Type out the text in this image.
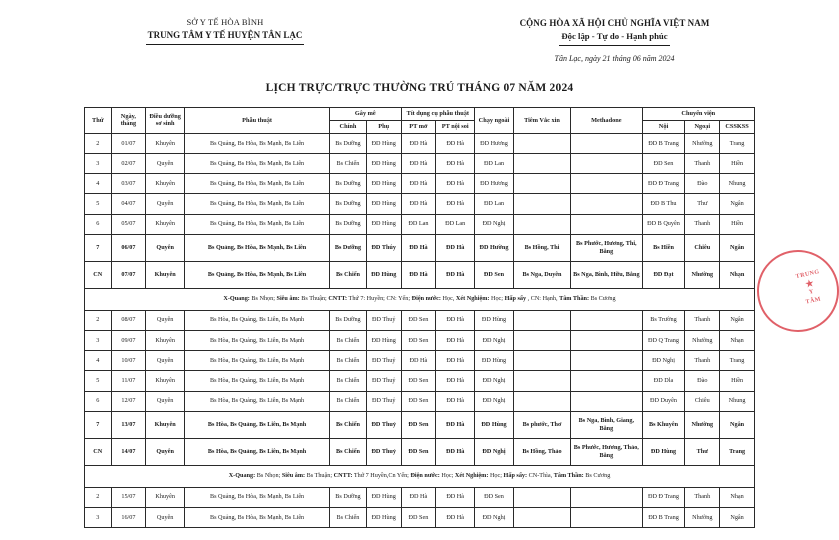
SỞ Y TẾ HÒA BÌNH
TRUNG TÂM Y TẾ HUYỆN TÂN LẠC
CỘNG HÒA XÃ HỘI CHỦ NGHĨA VIỆT NAM
Độc lập - Tự do - Hạnh phúc
Tân Lạc, ngày 21 tháng 06 năm 2024
LỊCH TRỰC/TRỰC THƯỜNG TRÚ THÁNG 07 NĂM 2024
Thứ	Ngày, tháng	Điều dưỡng sơ sinh	Phẫu thuật	Gây mê		Tít dụng cụ phẫu thuật		Chạy ngoài	Tiêm Vắc xin	Methadone	Chuyển viện		
				Chính	Phụ	PT mở	PT nội soi				Nội	Ngoại	CSSKSS
2	01/07	Khuyên	Bs Quảng, Bs Hòa, Bs Mạnh, Bs Liên	Bs Dưỡng	ĐD Hùng	ĐD Hà	ĐD Hà	ĐD Hương			ĐD B Trang	Nhường	Trang
3	02/07	Quyên	Bs Quảng, Bs Hòa, Bs Mạnh, Bs Liên	Bs Chiến	ĐD Hùng	ĐD Hà	ĐD Hà	ĐD Lan			ĐD Sen	Thanh	Hiền
4	03/07	Khuyên	Bs Quảng, Bs Hòa, Bs Mạnh, Bs Liên	Bs Dưỡng	ĐD Hùng	ĐD Hà	ĐD Hà	ĐD Hương			ĐD Đ Trang	Đào	Nhung
5	04/07	Quyên	Bs Quảng, Bs Hòa, Bs Mạnh, Bs Liên	Bs Dưỡng	ĐD Hùng	ĐD Hà	ĐD Hà	ĐD Lan			ĐD B Thu	Thư	Ngân
6	05/07	Khuyên	Bs Quảng, Bs Hòa, Bs Mạnh, Bs Liên	Bs Dưỡng	ĐD Hùng	ĐD Lan	ĐD Lan	ĐD Nghị			ĐD B Quyên	Thanh	Hiền
7	06/07	Quyên	Bs Quảng, Bs Hòa, Bs Mạnh, Bs Liên	Bs Dưỡng	ĐD Thúy	ĐD Hà	ĐD Hà	ĐD Hường	Bs Hồng, Thi	Bs Phước, Hương, Thi, Bằng	Bs Hiền	Chiêu	Ngân
CN	07/07	Khuyên	Bs Quảng, Bs Hòa, Bs Mạnh, Bs Liên	Bs Chiến	ĐD Hùng	ĐD Hà	ĐD Hà	ĐD Sen	Bs Nga, Duyên	Bs Nga, Bình, Hữu, Bằng	ĐD Đạt	Nhường	Nhạn
X-Quang: Bs Nhọn; Siêu âm: Bs Thuận; CNTT: Thứ 7: Huyền; CN: Yến; Điện nước: Học, Xét Nghiệm: Học; Hấp sấy , CN: Hạnh, Tâm Thần: Bs Cương													
2	08/07	Quyên	Bs Hòa, Bs Quảng, Bs Liên, Bs Mạnh	Bs Dưỡng	ĐD Thuỷ	ĐD Sen	ĐD Hà	ĐD Hùng			Bs Trường	Thanh	Ngân
3	09/07	Khuyên	Bs Hòa, Bs Quảng, Bs Liên, Bs Mạnh	Bs Chiến	ĐD Hùng	ĐD Sen	ĐD Hà	ĐD Nghị			ĐD Q Trang	Nhường	Nhạn
4	10/07	Quyên	Bs Hòa, Bs Quảng, Bs Liên, Bs Mạnh	Bs Chiến	ĐD Thuỷ	ĐD Hà	ĐD Hà	ĐD Hùng			ĐD Nghị	Thanh	Trang
5	11/07	Khuyên	Bs Hòa, Bs Quảng, Bs Liên, Bs Mạnh	Bs Chiến	ĐD Thuỷ	ĐD Sen	ĐD Hà	ĐD Nghị			ĐD Dla	Đào	Hiền
6	12/07	Quyên	Bs Hòa, Bs Quảng, Bs Liên, Bs Mạnh	Bs Chiến	ĐD Thuỷ	ĐD Sen	ĐD Hà	ĐD Nghị			ĐD Duyên	Chiêu	Nhung
7	13/07	Khuyên	Bs Hòa, Bs Quảng, Bs Liên, Bs Mạnh	Bs Chiến	ĐD Thuỷ	ĐD Sen	ĐD Hà	ĐD Hùng	Bs phước, Thơ	Bs Nga, Bình, Giang, Bằng	Bs Khuyên	Nhường	Ngân
CN	14/07	Quyên	Bs Hòa, Bs Quảng, Bs Liên, Bs Mạnh	Bs Chiến	ĐD Thuỷ	ĐD Sen	ĐD Hà	ĐD Nghị	Bs Hồng, Thảo	Bs Phước, Hương, Thảo, Bằng	ĐD Hùng	Thư	Trang
X-Quang: Bs Nhọn; Siêu âm: Bs Thuận; CNTT: Thứ 7 Huyền,Cn Yến; Điện nước: Học; Xét Nghiệm: Học; Hấp sấy: CN-Thìa, Tâm Thần: Bs Cương													
2	15/07	Khuyên	Bs Quảng, Bs Hòa, Bs Mạnh, Bs Liên	Bs Dưỡng	ĐD Hùng	ĐD Hà	ĐD Hà	ĐD Sen			ĐD Đ Trang	Thanh	Nhạn
3	16/07	Quyên	Bs Quảng, Bs Hòa, Bs Mạnh, Bs Liên	Bs Chiến	ĐD Hùng	ĐD Sen	ĐD Hà	ĐD Nghị			ĐD B Trang	Nhường	Ngân
TRUNG
★
Y
TÂM
